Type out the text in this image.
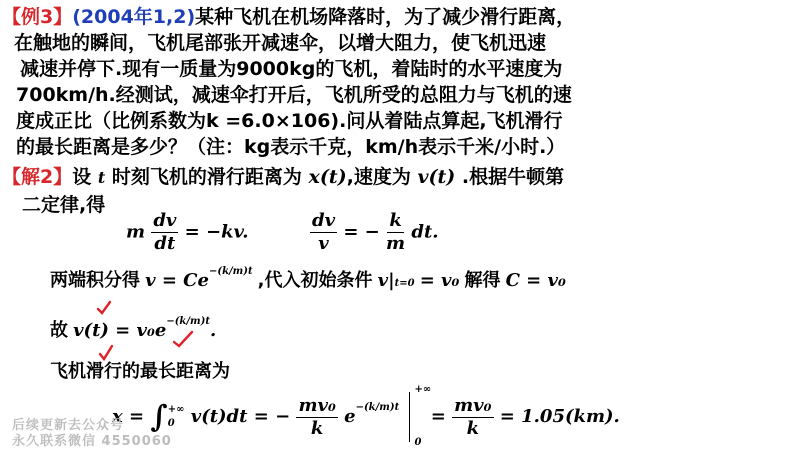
【例3】(2004年1,2)某种飞机在机场降落时，为了减少滑行距离，
在触地的瞬间，飞机尾部张开减速伞，以增大阻力，使飞机迅速
减速并停下.现有一质量为9000kg的飞机，着陆时的水平速度为
700km/h.经测试，减速伞打开后，飞机所受的总阻力与飞机的速
度成正比（比例系数为k =6.0×106).问从着陆点算起,飞机滑行
的最长距离是多少？（注：kg表示千克，km/h表示千米/小时.）
【解2】设 t 时刻飞机的滑行距离为 x(t),速度为 v(t) .根据牛顿第
二定律,得
m $\frac{dv}{dt} = -kv$.	$\frac{dv}{v}$ = − $\frac{k}{m}$ dt.
两端积分得 $v = Ce^{-(k/m)t}$ ,代入初始条件 v|t=0 = v₀ 解得 C = v₀
故 $v(t) = v_0e^{-(k/m)t}$.
飞机滑行的最长距离为
x = ∫ +∞
0 v(t)dt = − $\frac{\text{mv₀}}{k} e^{-(k/m)t}$
+∞
0
= $\frac{\text{mv₀}}{k} = 1.05(km)$.
后续更新去公众号
永久联系微信 4550060
